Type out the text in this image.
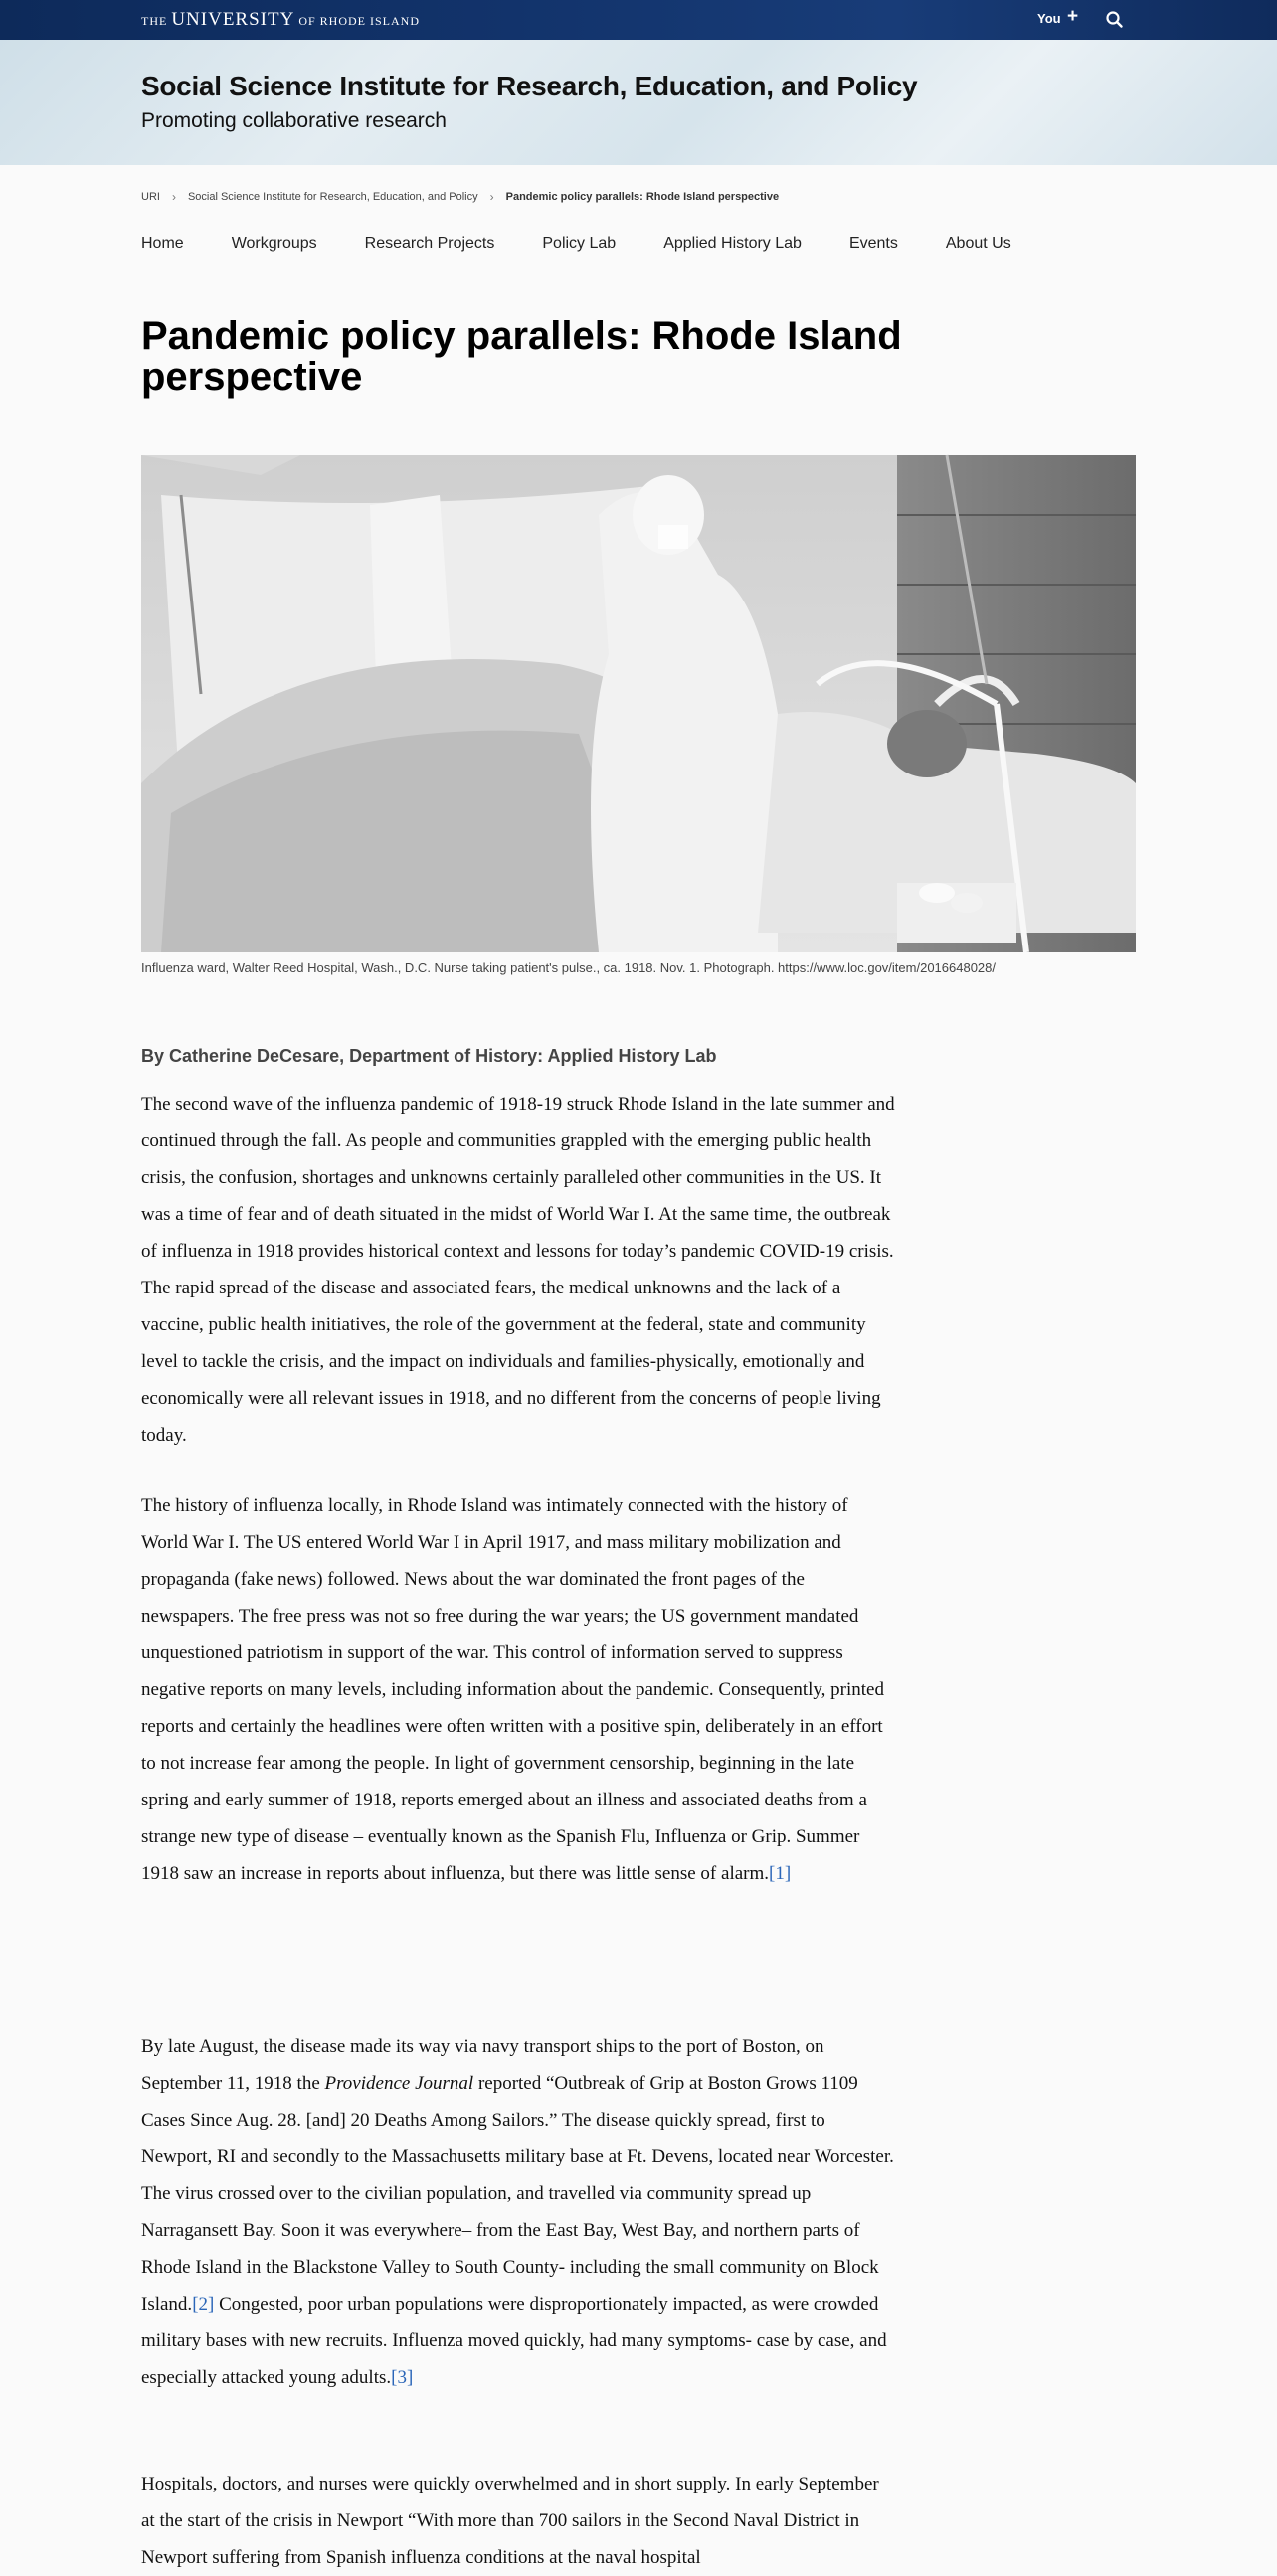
THE UNIVERSITY OF RHODE ISLAND	You +
Social Science Institute for Research, Education, and Policy
Promoting collaborative research
URI › Social Science Institute for Research, Education, and Policy › Pandemic policy parallels: Rhode Island perspective
Home	Workgroups	Research Projects	Policy Lab	Applied History Lab	Events	About Us
Pandemic policy parallels: Rhode Island perspective
Influenza ward, Walter Reed Hospital, Wash., D.C. Nurse taking patient's pulse., ca. 1918. Nov. 1. Photograph. https://www.loc.gov/item/2016648028/
By Catherine DeCesare, Department of History: Applied History Lab

The second wave of the influenza pandemic of 1918-19 struck Rhode Island in the late summer and continued through the fall. As people and communities grappled with the emerging public health crisis, the confusion, shortages and unknowns certainly paralleled other communities in the US. It was a time of fear and of death situated in the midst of World War I. At the same time, the outbreak of influenza in 1918 provides historical context and lessons for today’s pandemic COVID-19 crisis. The rapid spread of the disease and associated fears, the medical unknowns and the lack of a vaccine, public health initiatives, the role of the government at the federal, state and community level to tackle the crisis, and the impact on individuals and families-physically, emotionally and economically were all relevant issues in 1918, and no different from the concerns of people living today.

The history of influenza locally, in Rhode Island was intimately connected with the history of World War I. The US entered World War I in April 1917, and mass military mobilization and propaganda (fake news) followed. News about the war dominated the front pages of the newspapers. The free press was not so free during the war years; the US government mandated unquestioned patriotism in support of the war. This control of information served to suppress negative reports on many levels, including information about the pandemic. Consequently, printed reports and certainly the headlines were often written with a positive spin, deliberately in an effort to not increase fear among the people. In light of government censorship, beginning in the late spring and early summer of 1918, reports emerged about an illness and associated deaths from a strange new type of disease – eventually known as the Spanish Flu, Influenza or Grip. Summer 1918 saw an increase in reports about influenza, but there was little sense of alarm.[1]

By late August, the disease made its way via navy transport ships to the port of Boston, on September 11, 1918 the Providence Journal reported “Outbreak of Grip at Boston Grows 1109 Cases Since Aug. 28. [and] 20 Deaths Among Sailors.” The disease quickly spread, first to Newport, RI and secondly to the Massachusetts military base at Ft. Devens, located near Worcester. The virus crossed over to the civilian population, and travelled via community spread up Narragansett Bay. Soon it was everywhere– from the East Bay, West Bay, and northern parts of Rhode Island in the Blackstone Valley to South County- including the small community on Block Island.[2] Congested, poor urban populations were disproportionately impacted, as were crowded military bases with new recruits. Influenza moved quickly, had many symptoms- case by case, and especially attacked young adults.[3]

Hospitals, doctors, and nurses were quickly overwhelmed and in short supply. In early September at the start of the crisis in Newport “With more than 700 sailors in the Second Naval District in Newport suffering from Spanish influenza conditions at the naval hospital
